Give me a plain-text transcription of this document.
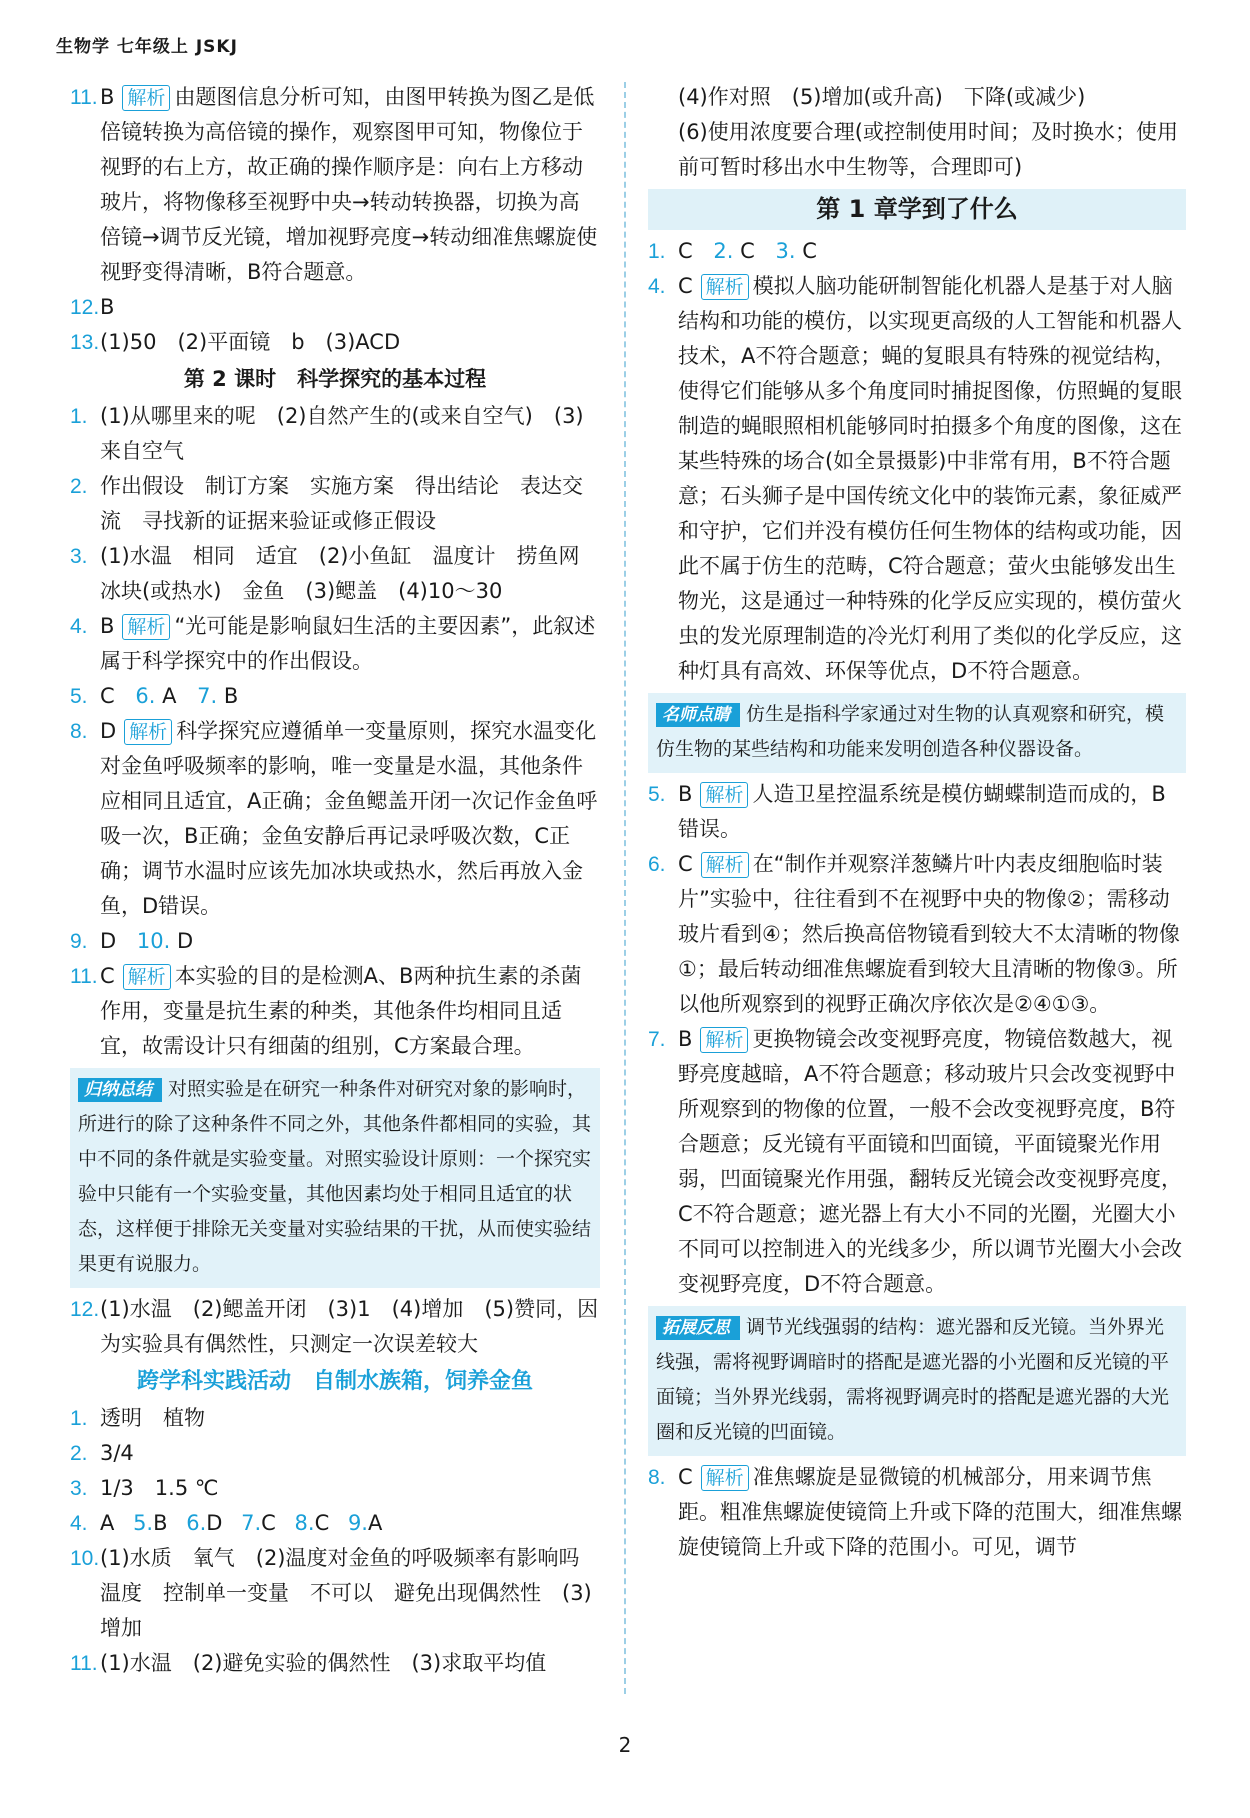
生物学 七年级上 JSKJ
11. B 解析 由题图信息分析可知，由图甲转换为图乙是低倍镜转换为高倍镜的操作，观察图甲可知，物像位于视野的右上方，故正确的操作顺序是：向右上方移动玻片，将物像移至视野中央→转动转换器，切换为高倍镜→调节反光镜，增加视野亮度→转动细准焦螺旋使视野变得清晰，B符合题意。
12. B
13. (1)50　(2)平面镜　b　(3)ACD
第 2 课时　科学探究的基本过程
1. (1)从哪里来的呢　(2)自然产生的(或来自空气)　(3)来自空气
2. 作出假设　制订方案　实施方案　得出结论　表达交流　寻找新的证据来验证或修正假设
3. (1)水温　相同　适宜　(2)小鱼缸　温度计　捞鱼网　冰块(或热水)　金鱼　(3)鳃盖　(4)10～30
4. B 解析 “光可能是影响鼠妇生活的主要因素”，此叙述属于科学探究中的作出假设。
5. C 6. A 7. B
8. D 解析 科学探究应遵循单一变量原则，探究水温变化对金鱼呼吸频率的影响，唯一变量是水温，其他条件应相同且适宜，A正确；金鱼鳃盖开闭一次记作金鱼呼吸一次，B正确；金鱼安静后再记录呼吸次数，C正确；调节水温时应该先加冰块或热水，然后再放入金鱼，D错误。
9. D 10. D
11. C 解析 本实验的目的是检测A、B两种抗生素的杀菌作用，变量是抗生素的种类，其他条件均相同且适宜，故需设计只有细菌的组别，C方案最合理。
归纳总结 对照实验是在研究一种条件对研究对象的影响时，所进行的除了这种条件不同之外，其他条件都相同的实验，其中不同的条件就是实验变量。对照实验设计原则：一个探究实验中只能有一个实验变量，其他因素均处于相同且适宜的状态，这样便于排除无关变量对实验结果的干扰，从而使实验结果更有说服力。
12. (1)水温　(2)鳃盖开闭　(3)1　(4)增加　(5)赞同，因为实验具有偶然性，只测定一次误差较大
跨学科实践活动　自制水族箱，饲养金鱼
1. 透明　植物
2. 3/4
3. 1/3　1.5 ℃
4. A 5.B 6.D 7.C 8.C 9.A
10. (1)水质　氧气　(2)温度对金鱼的呼吸频率有影响吗　温度　控制单一变量　不可以　避免出现偶然性　(3)增加
11. (1)水温　(2)避免实验的偶然性　(3)求取平均值
(4)作对照　(5)增加(或升高)　下降(或减少)
(6)使用浓度要合理(或控制使用时间；及时换水；使用前可暂时移出水中生物等，合理即可)
第 1 章学到了什么
1. C 2. C 3. C
4. C 解析 模拟人脑功能研制智能化机器人是基于对人脑结构和功能的模仿，以实现更高级的人工智能和机器人技术，A不符合题意；蝇的复眼具有特殊的视觉结构，使得它们能够从多个角度同时捕捉图像，仿照蝇的复眼制造的蝇眼照相机能够同时拍摄多个角度的图像，这在某些特殊的场合(如全景摄影)中非常有用，B不符合题意；石头狮子是中国传统文化中的装饰元素，象征威严和守护，它们并没有模仿任何生物体的结构或功能，因此不属于仿生的范畴，C符合题意；萤火虫能够发出生物光，这是通过一种特殊的化学反应实现的，模仿萤火虫的发光原理制造的冷光灯利用了类似的化学反应，这种灯具有高效、环保等优点，D不符合题意。
名师点睛 仿生是指科学家通过对生物的认真观察和研究，模仿生物的某些结构和功能来发明创造各种仪器设备。
5. B 解析 人造卫星控温系统是模仿蝴蝶制造而成的，B错误。
6. C 解析 在“制作并观察洋葱鳞片叶内表皮细胞临时装片”实验中，往往看到不在视野中央的物像②；需移动玻片看到④；然后换高倍物镜看到较大不太清晰的物像①；最后转动细准焦螺旋看到较大且清晰的物像③。所以他所观察到的视野正确次序依次是②④①③。
7. B 解析 更换物镜会改变视野亮度，物镜倍数越大，视野亮度越暗，A不符合题意；移动玻片只会改变视野中所观察到的物像的位置，一般不会改变视野亮度，B符合题意；反光镜有平面镜和凹面镜，平面镜聚光作用弱，凹面镜聚光作用强，翻转反光镜会改变视野亮度，C不符合题意；遮光器上有大小不同的光圈，光圈大小不同可以控制进入的光线多少，所以调节光圈大小会改变视野亮度，D不符合题意。
拓展反思 调节光线强弱的结构：遮光器和反光镜。当外界光线强，需将视野调暗时的搭配是遮光器的小光圈和反光镜的平面镜；当外界光线弱，需将视野调亮时的搭配是遮光器的大光圈和反光镜的凹面镜。
8. C 解析 准焦螺旋是显微镜的机械部分，用来调节焦距。粗准焦螺旋使镜筒上升或下降的范围大，细准焦螺旋使镜筒上升或下降的范围小。可见，调节
2
